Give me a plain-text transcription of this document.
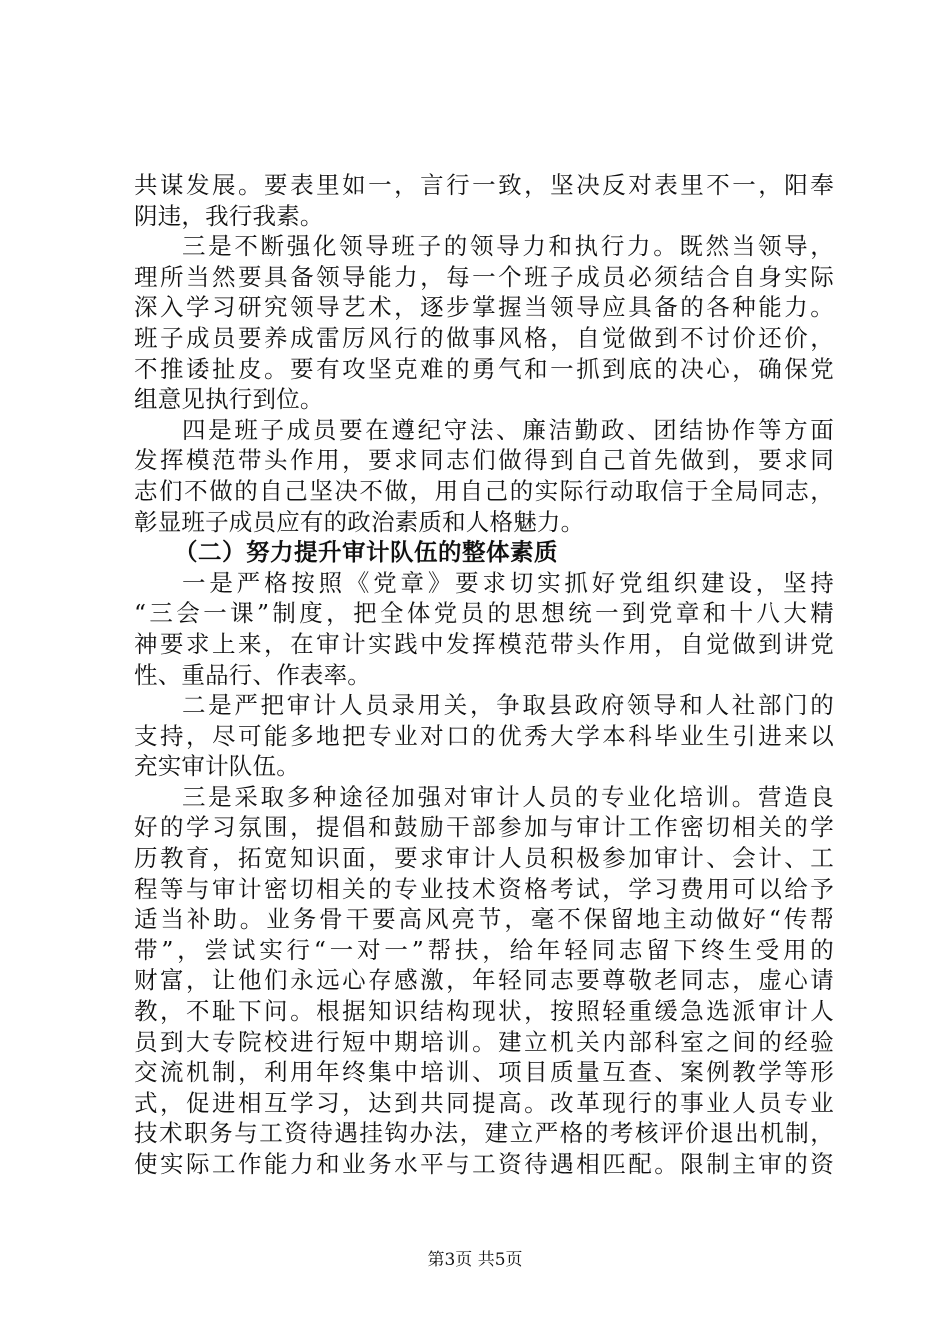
共谋发展。要表里如一，言行一致，坚决反对表里不一，阳奉
阴违，我行我素。
三是不断强化领导班子的领导力和执行力。既然当领导，
理所当然要具备领导能力，每一个班子成员必须结合自身实际
深入学习研究领导艺术，逐步掌握当领导应具备的各种能力。
班子成员要养成雷厉风行的做事风格，自觉做到不讨价还价，
不推诿扯皮。要有攻坚克难的勇气和一抓到底的决心，确保党
组意见执行到位。
四是班子成员要在遵纪守法、廉洁勤政、团结协作等方面
发挥模范带头作用，要求同志们做得到自己首先做到，要求同
志们不做的自己坚决不做，用自己的实际行动取信于全局同志，
彰显班子成员应有的政治素质和人格魅力。
（二）努力提升审计队伍的整体素质
一是严格按照《党章》要求切实抓好党组织建设，坚持
“三会一课”制度，把全体党员的思想统一到党章和十八大精
神要求上来，在审计实践中发挥模范带头作用，自觉做到讲党
性、重品行、作表率。
二是严把审计人员录用关，争取县政府领导和人社部门的
支持，尽可能多地把专业对口的优秀大学本科毕业生引进来以
充实审计队伍。
三是采取多种途径加强对审计人员的专业化培训。营造良
好的学习氛围，提倡和鼓励干部参加与审计工作密切相关的学
历教育，拓宽知识面，要求审计人员积极参加审计、会计、工
程等与审计密切相关的专业技术资格考试，学习费用可以给予
适当补助。业务骨干要高风亮节，毫不保留地主动做好“传帮
带”，尝试实行“一对一”帮扶，给年轻同志留下终生受用的
财富，让他们永远心存感激，年轻同志要尊敬老同志，虚心请
教，不耻下问。根据知识结构现状，按照轻重缓急选派审计人
员到大专院校进行短中期培训。建立机关内部科室之间的经验
交流机制，利用年终集中培训、项目质量互查、案例教学等形
式，促进相互学习，达到共同提高。改革现行的事业人员专业
技术职务与工资待遇挂钩办法，建立严格的考核评价退出机制，
使实际工作能力和业务水平与工资待遇相匹配。限制主审的资
第3页 共5页
